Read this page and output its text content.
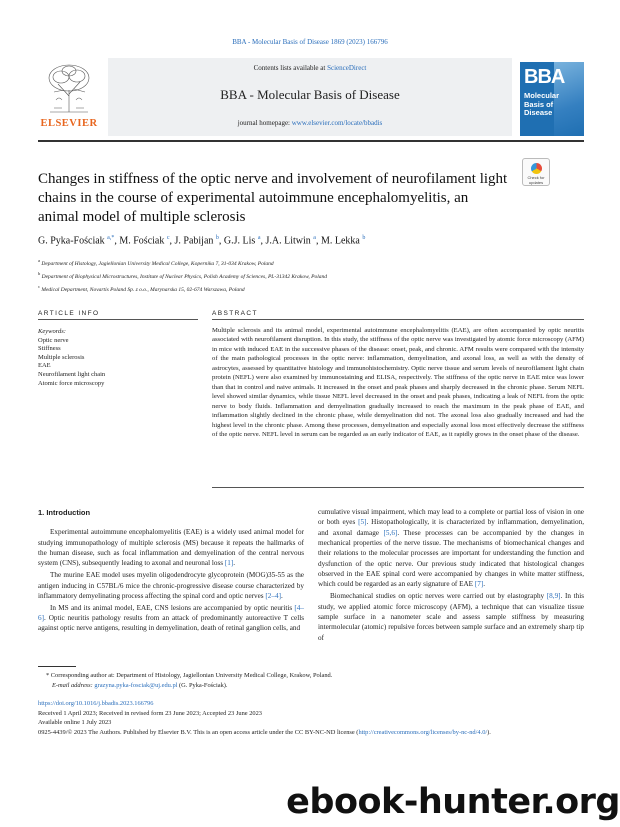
BBA - Molecular Basis of Disease 1869 (2023) 166796
ELSEVIER
Contents lists available at ScienceDirect
BBA - Molecular Basis of Disease
journal homepage: www.elsevier.com/locate/bbadis
BBA
Molecular
Basis of
Disease
Changes in stiffness of the optic nerve and involvement of neurofilament light chains in the course of experimental autoimmune encephalomyelitis, an animal model of multiple sclerosis
Check for updates
G. Pyka-Fościak $^{a,*}$, M. Fościak $^c$, J. Pabijan $^b$, G.J. Lis $^a$, J.A. Litwin $^a$, M. Lekka $^b$
$^a$ Department of Histology, Jagiellonian University Medical College, Kopernika 7, 31-034 Krakow, Poland
$^b$ Department of Biophysical Microstructures, Institute of Nuclear Physics, Polish Academy of Sciences, PL-31342 Krakow, Poland
$^c$ Medical Department, Novartis Poland Sp. z o.o., Marynarska 15, 02-674 Warszawa, Poland
ARTICLE INFO
Keywords:
Optic nerve
Stiffness
Multiple sclerosis
EAE
Neurofilament light chain
Atomic force microscopy
ABSTRACT
Multiple sclerosis and its animal model, experimental autoimmune encephalomyelitis (EAE), are often accompanied by optic neuritis associated with neurofilament disruption. In this study, the stiffness of the optic nerve was investigated by atomic force microscopy (AFM) in mice with induced EAE in the successive phases of the disease: onset, peak, and chronic. AFM results were compared with the intensity of the main pathological processes in the optic nerve: inflammation, demyelination, and axonal loss, as well as with the density of astrocytes, assessed by quantitative histology and immunohistochemistry. Optic nerve tissue and serum levels of neurofilament light chain protein (NEFL) were also examined by immunostaining and ELISA, respectively. The stiffness of the optic nerve in EAE mice was lower than that in control and naive animals. It increased in the onset and peak phases and sharply decreased in the chronic phase. Serum NEFL level showed similar dynamics, while tissue NEFL level decreased in the onset and peak phases, indicating a leak of NEFL from the optic nerve to body fluids. Inflammation and demyelination gradually increased to reach the maximum in the peak phase of EAE, and inflammation slightly declined in the chronic phase, while demyelination did not. The axonal loss also gradually increased and had the highest level in the chronic phase. Among these processes, demyelination and especially axonal loss most effectively decrease the stiffness of the optic nerve. NEFL level in serum can be regarded as an early indicator of EAE, as it rapidly grows in the onset phase of the disease.
1. Introduction

Experimental autoimmune encephalomyelitis (EAE) is a widely used animal model for studying immunopathology of multiple sclerosis (MS) because it repeats the hallmarks of the human disease, such as focal inflammation and demyelination of the central nervous system (CNS), subsequently leading to axonal and neuronal loss [1].

The murine EAE model uses myelin oligodendrocyte glycoprotein (MOG)35-55 as the antigen inducing in C57BL/6 mice the chronic-progressive disease course characterized by inflammatory demyelinating process affecting the spinal cord and optic nerves [2–4].

In MS and its animal model, EAE, CNS lesions are accompanied by optic neuritis [4–6]. Optic neuritis pathology results from an attack of predominantly autoreactive T cells against optic nerve antigens, resulting in demyelination, death of retinal ganglion cells, and

cumulative visual impairment, which may lead to a complete or partial loss of vision in one or both eyes [5]. Histopathologically, it is characterized by inflammation, demyelination, and axonal damage [5,6]. These processes can be accompanied by the changes in mechanical properties of the nerve tissue. The mechanisms of biomechanical changes and their relations to the molecular processes are important for understanding the function and dysfunction of the optic nerve. Our previous study indicated that histological changes observed in the EAE spinal cord were accompanied by changes in white matter stiffness, which could be regarded as an early signature of EAE [7].

Biomechanical studies on optic nerves were carried out by elastography [8,9]. In this study, we applied atomic force microscopy (AFM), a technique that can visualize tissue sample surface in a nanometer scale and assess sample stiffness by measuring intermolecular (atomic) repulsive forces between sample surface and an extremely sharp tip of

* Corresponding author at: Department of Histology, Jagiellonian University Medical College, Krakow, Poland.
E-mail address: grazyna.pyka-fosciak@uj.edu.pl (G. Pyka-Fościak).
https://doi.org/10.1016/j.bbadis.2023.166796
Received 1 April 2023; Received in revised form 23 June 2023; Accepted 23 June 2023
Available online 1 July 2023
0925-4439/© 2023 The Authors. Published by Elsevier B.V. This is an open access article under the CC BY-NC-ND license (http://creativecommons.org/licenses/by-nc-nd/4.0/).
ebook-hunter.org
